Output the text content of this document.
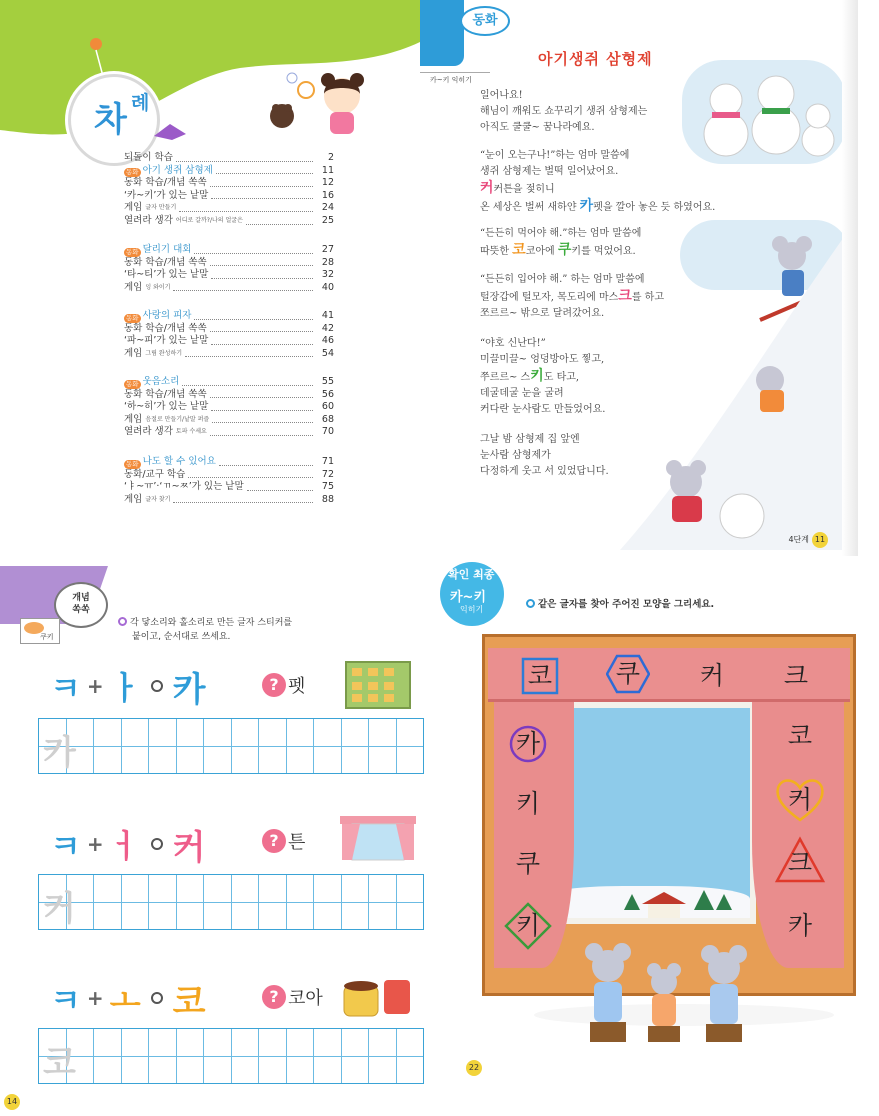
차 례
되돌이 학습	2
동화 아기 생쥐 삼형제	11
동화 학습/개념 쏙쏙	12
‘카~키’가 있는 낱말	16
게임 글자 만들기	24
열려라 생각 어디로 갈까?/나의 얼굴은	25
동화 달리기 대회	27
동화 학습/개념 쏙쏙	28
‘타~티’가 있는 낱말	32
게임 잉 와이기	40
동화 사랑의 피자	41
동화 학습/개념 쏙쏙	42
‘파~피’가 있는 낱말	46
게임 그림 완성하기	54
동화 웃음소리	55
동화 학습/개념 쏙쏙	56
‘하~히’가 있는 낱말	60
게임 음절로 만들기/낱말 퍼즐	68
열려라 생각 토파 수세요	70
동화 나도 할 수 있어요	71
동화/교구 학습	72
‘ㅑ~ㅠ’·‘ㄲ~ㅉ’가 있는 낱말	75
게임 글자 찾기	88
동화
카~키 익히기
아기생쥐 삼형제
일어나요!
해님이 깨워도 쇼꾸리기 생쥐 삼형제는
아직도 쿨쿨~ 꿈나라예요.
“눈이 오는구나!”하는 엄마 말씀에
생쥐 삼형제는 벌떡 일어났어요.
커커튼을 젖히니
온 세상은 벌써 새하얀 카펫을 깔아 놓은 듯 하였어요.
“든든히 먹어야 해.”하는 엄마 말씀에
따뜻한 코코아에 쿠키를 먹었어요.
“든든히 입어야 해.” 하는 엄마 말씀에
털장갑에 털모자, 목도리에 마스크를 하고
쪼르르~ 밖으로 달려갔어요.
“야호 신난다!”
미끌미끌~ 엉덩방아도 찧고,
쭈르르~ 스키도 타고,
데굴데굴 눈을 굴려
커다란 눈사람도 만들었어요.
그날 밤 삼형제 집 앞엔
눈사람 삼형제가
다정하게 웃고 서 있었답니다.
4단계 11
개념
쏙쏙
쿠키
각 닿소리와 홀소리로 만든 글자 스티커를
붙이고, 순서대로 쓰세요.
ㅋ + ㅏ 카	? 펫
카
ㅋ + ㅓ 커	? 튼
커
ㅋ + ㅗ 코	? 코아
코
14
확인 최종
카~키
익히기	같은 글자를 찾아 주어진 모양을 그리세요.
코	쿠	커	크
카
키
쿠
키
코
커
크
카
22
